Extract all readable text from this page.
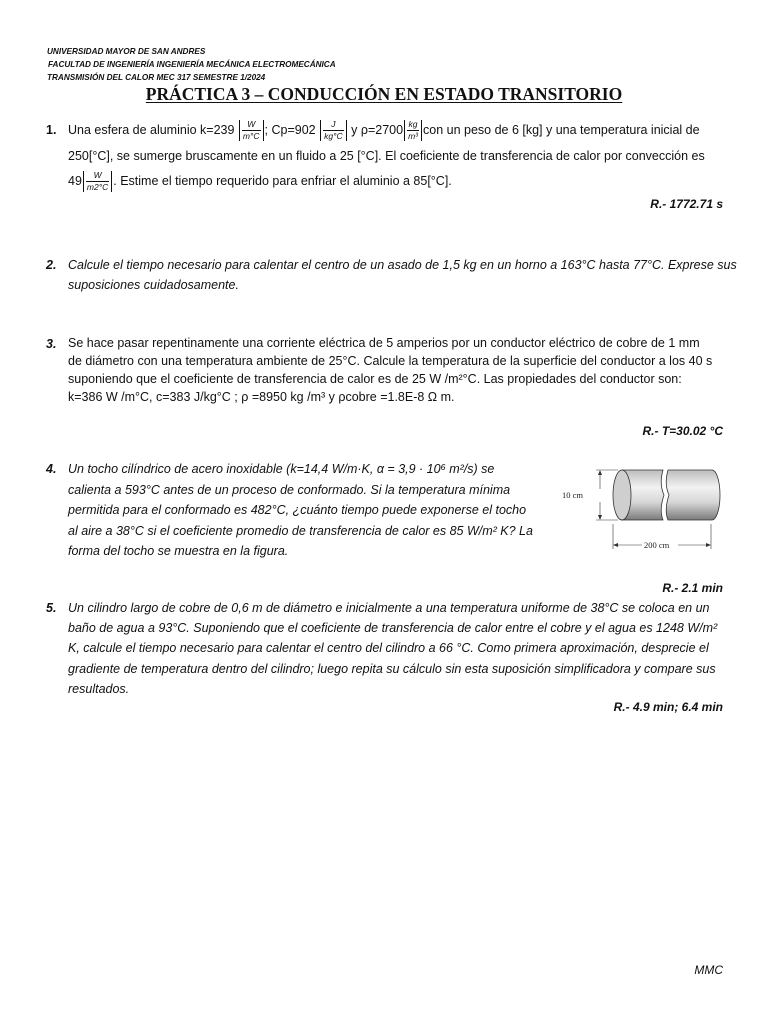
UNIVERSIDAD MAYOR DE SAN ANDRES
FACULTAD DE INGENIERÍA INGENIERÍA MECÁNICA ELECTROMECÁNICA
TRANSMISIÓN DEL CALOR MEC 317 SEMESTRE 1/2024
PRÁCTICA 3 – CONDUCCIÓN EN ESTADO TRANSITORIO
1. Una esfera de aluminio $k=239 \frac{W}{m^\circ C}$ ; $Cp=902 \frac{J}{kg^\circ C}$ y $\rho=2700 \frac{kg}{\text{m³}}$ con un peso de 6 [kg] y una temperatura inicial de
250[°C], se sumerge bruscamente en un fluido a 25 [°C]. El coeficiente de transferencia de calor por convección es
$49 \frac{W}{m2^\circ C}$ . Estime el tiempo requerido para enfriar el aluminio a 85[°C].
R.- 1772.71 s
2. Calcule el tiempo necesario para calentar el centro de un asado de 1,5 kg en un horno a 163°C hasta 77°C. Exprese sus
suposiciones cuidadosamente.
3. Se hace pasar repentinamente una corriente eléctrica de 5 amperios por un conductor eléctrico de cobre de 1 mm
de diámetro con una temperatura ambiente de 25°C. Calcule la temperatura de la superficie del conductor a los 40 s
suponiendo que el coeficiente de transferencia de calor es de 25 W /m²°C. Las propiedades del conductor son:
k=386 W /m°C, c=383 J/kg°C ; ρ =8950 kg /m³ y ρcobre =1.8E-8 Ω m.
R.- T=30.02 °C
4. Un tocho cilíndrico de acero inoxidable (k=14,4 W/m·K, α = 3,9 · 10⁶ m²/s) se
calienta a 593°C antes de un proceso de conformado. Si la temperatura mínima
permitida para el conformado es 482°C, ¿cuánto tiempo puede exponerse el tocho
al aire a 38°C si el coeficiente promedio de transferencia de calor es 85 W/m² K? La
forma del tocho se muestra en la figura.
10 cm
200 cm
R.- 2.1 min
5. Un cilindro largo de cobre de 0,6 m de diámetro e inicialmente a una temperatura uniforme de 38°C se coloca en un
baño de agua a 93°C. Suponiendo que el coeficiente de transferencia de calor entre el cobre y el agua es 1248 W/m²
K, calcule el tiempo necesario para calentar el centro del cilindro a 66 °C. Como primera aproximación, desprecie el
gradiente de temperatura dentro del cilindro; luego repita su cálculo sin esta suposición simplificadora y compare sus
resultados.
R.- 4.9 min; 6.4 min
MMC
